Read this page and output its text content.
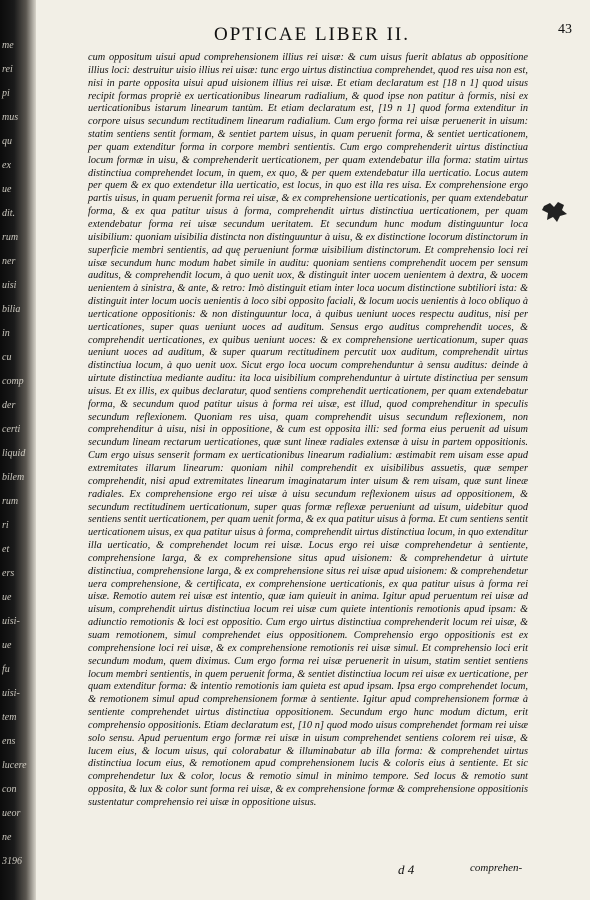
me
rei
pi
mus
qu
ex
ue
dit.
rum
ner
uisi
bilia
in
cu
comp
der
certi
liquid
bilem
rum
ri
et
ers
ue
uisi-
ue
fu
uisi-
tem
ens
lucere
con
ueor
ne
3196
OPTICAE LIBER II.	43

cum oppositum uisui apud comprehensionem illius rei uisæ: & cum uisus fuerit ablatus ab oppositione illius loci: destruitur uisio illius rei uisæ: tunc ergo uirtus distinctiua comprehendet, quod res uisa non est, nisi in parte opposita uisui apud uisionem illius rei uisæ. Et etiam declaratum est [18 n 1] quod uisus recipit formas propriè ex uerticationibus linearum radialium, & quod ipse non patitur à formis, nisi ex uerticationibus istarum linearum tantùm. Et etiam declaratum est, [19 n 1] quod forma extenditur in corpore uisus secundum rectitudinem linearum radialium. Cum ergo forma rei uisæ peruenerit in uisum: statim sentiens sentit formam, & sentiet partem uisus, in quam peruenit forma, & sentiet uerticationem, per quam extenditur forma in corpore membri sentientis. Cum ergo comprehenderit uirtus distinctiua locum formæ in uisu, & comprehenderit uerticationem, per quam extendebatur illa forma: statim uirtus distinctiua comprehendet locum, in quem, ex quo, & per quem extendebatur illa uerticatio. Locus autem per quem & ex quo extendetur illa uerticatio, est locus, in quo est illa res uisa. Ex comprehensione ergo partis uisus, in quam peruenit forma rei uisæ, & ex comprehensione uerticationis, per quam extendebatur forma, & ex qua patitur uisus à forma, comprehendit uirtus distinctiua uerticationem, per quam extendebatur forma rei uisæ secundum ueritatem. Et secundum hunc modum distinguuntur loca uisibilium: quoniam uisibilia distincta non distinguuntur à uisu, & ex distinctione locorum distinctorum in superficie membri sentientis, ad quę perueniunt formæ uisibilium distinctorum. Et comprehensio loci rei uisæ secundum hunc modum habet simile in auditu: quoniam sentiens comprehendit uocem per sensum auditus, & comprehendit locum, à quo uenit uox, & distinguit inter uocem uenientem à dextra, & uocem uenientem à sinistra, & ante, & retro: Imò distinguit etiam inter loca uocum distinctione subtiliori ista: & distinguit inter locum uocis uenientis à loco sibi opposito faciali, & locum uocis uenientis à loco obliquo à uerticatione oppositionis: & non distinguuntur loca, à quibus ueniunt uoces respectu auditus, nisi per uerticationes, super quas ueniunt uoces ad auditum. Sensus ergo auditus comprehendit uoces, & comprehendit uerticationes, ex quibus ueniunt uoces: & ex comprehensione uerticationum, super quas ueniunt uoces ad auditum, & super quarum rectitudinem percutit uox auditum, comprehendit uirtus distinctiua locum, à quo uenit uox. Sicut ergo loca uocum comprehenduntur à sensu auditus: deinde à uirtute distinctiua mediante auditu: ita loca uisibilium comprehenduntur à uirtute distinctiua per sensum uisus. Et ex illis, ex quibus declaratur, quod sentiens comprehendit uerticationem, per quam extendebatur forma, & secundum quod patitur uisus à forma rei uisæ, est illud, quod comprehenditur in speculis secundum reflexionem. Quoniam res uisa, quam comprehendit uisus secundum reflexionem, non comprehenditur à uisu, nisi in oppositione, & cum est opposita illi: sed forma eius peruenit ad uisum secundum lineam rectarum uerticationes, quæ sunt lineæ radiales extensæ à uisu in partem oppositionis. Cum ergo uisus senserit formam ex uerticationibus linearum radialium: æstimabit rem uisam esse apud extremitates illarum linearum: quoniam nihil comprehendit ex uisibilibus assuetis, quæ semper comprehendit, nisi apud extremitates linearum imaginatarum inter uisum & rem uisam, quæ sunt lineæ radiales. Ex comprehensione ergo rei uisæ à uisu secundum reflexionem uisus ad oppositionem, & secundum rectitudinem uerticationum, super quas formæ reflexæ perueniunt ad uisum, uidebitur quod sentiens sentit uerticationem, per quam uenit forma, & ex qua patitur uisus à forma. Et cum sentiens sentit uerticationem uisus, ex qua patitur uisus à forma, comprehendit uirtus distinctiua locum, in quo extenditur illa uerticatio, & comprehendet locum rei uisæ. Locus ergo rei uisæ comprehendetur à sentiente, comprehensione larga, & ex comprehensione situs apud uisionem: & comprehendetur à uirtute distinctiua, comprehensione larga, & ex comprehensione situs rei uisæ apud uisionem: & comprehendetur uera comprehensione, & certificata, ex comprehensione uerticationis, ex qua patitur uisus à forma rei uisæ. Remotio autem rei uisæ est intentio, quæ iam quieuit in anima. Igitur apud peruentum rei uisæ ad uisum, comprehendit uirtus distinctiua locum rei uisæ cum quiete intentionis remotionis apud ipsam: & adiunctio remotionis & loci est oppositio. Cum ergo uirtus distinctiua comprehenderit locum rei uisæ, & suam remotionem, simul comprehendet eius oppositionem. Comprehensio ergo oppositionis est ex comprehensione loci rei uisæ, & ex comprehensione remotionis rei uisæ simul. Et comprehensio loci erit secundum modum, quem diximus. Cum ergo forma rei uisæ peruenerit in uisum, statim sentiet sentiens locum membri sentientis, in quem peruenit forma, & sentiet distinctiua locum rei uisæ ex uerticatione, per quam extenditur forma: & intentio remotionis iam quieta est apud ipsam. Ipsa ergo comprehendet locum, & remotionem simul apud comprehensionem formæ à sentiente. Igitur apud comprehensionem formæ à sentiente comprehendet uirtus distinctiua oppositionem. Secundum ergo hunc modum dictum, erit comprehensio oppositionis. Etiam declaratum est, [10 n] quod modo uisus comprehendet formam rei uisæ solo sensu. Apud peruentum ergo formæ rei uisæ in uisum comprehendet sentiens colorem rei uisæ, & lucem eius, & locum uisus, qui colorabatur & illuminabatur ab illa forma: & comprehendet uirtus distinctiua locum eius, & remotionem apud comprehensionem lucis & coloris eius à sentiente. Et sic comprehendetur lux & color, locus & remotio simul in minimo tempore. Sed locus & remotio sunt opposita, & lux & color sunt forma rei uisæ, & ex comprehensione formæ & comprehensione oppositionis sustentatur comprehensio rei uisæ in oppositione uisus.

d 4	comprehen-
